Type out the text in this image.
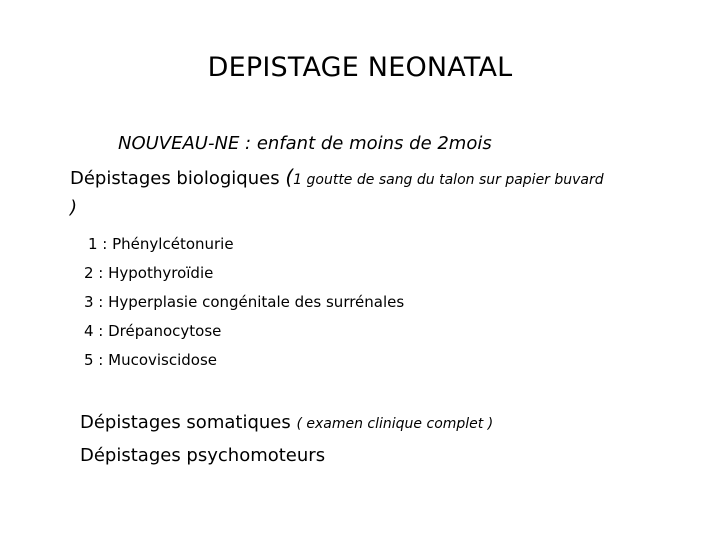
DEPISTAGE NEONATAL
NOUVEAU-NE : enfant de moins de 2mois
Dépistages biologiques (1 goutte de sang du talon sur papier buvard
)
1 : Phénylcétonurie
2 : Hypothyroïdie
3 : Hyperplasie congénitale des surrénales
4 : Drépanocytose
5 : Mucoviscidose
Dépistages somatiques ( examen clinique complet )
Dépistages psychomoteurs
